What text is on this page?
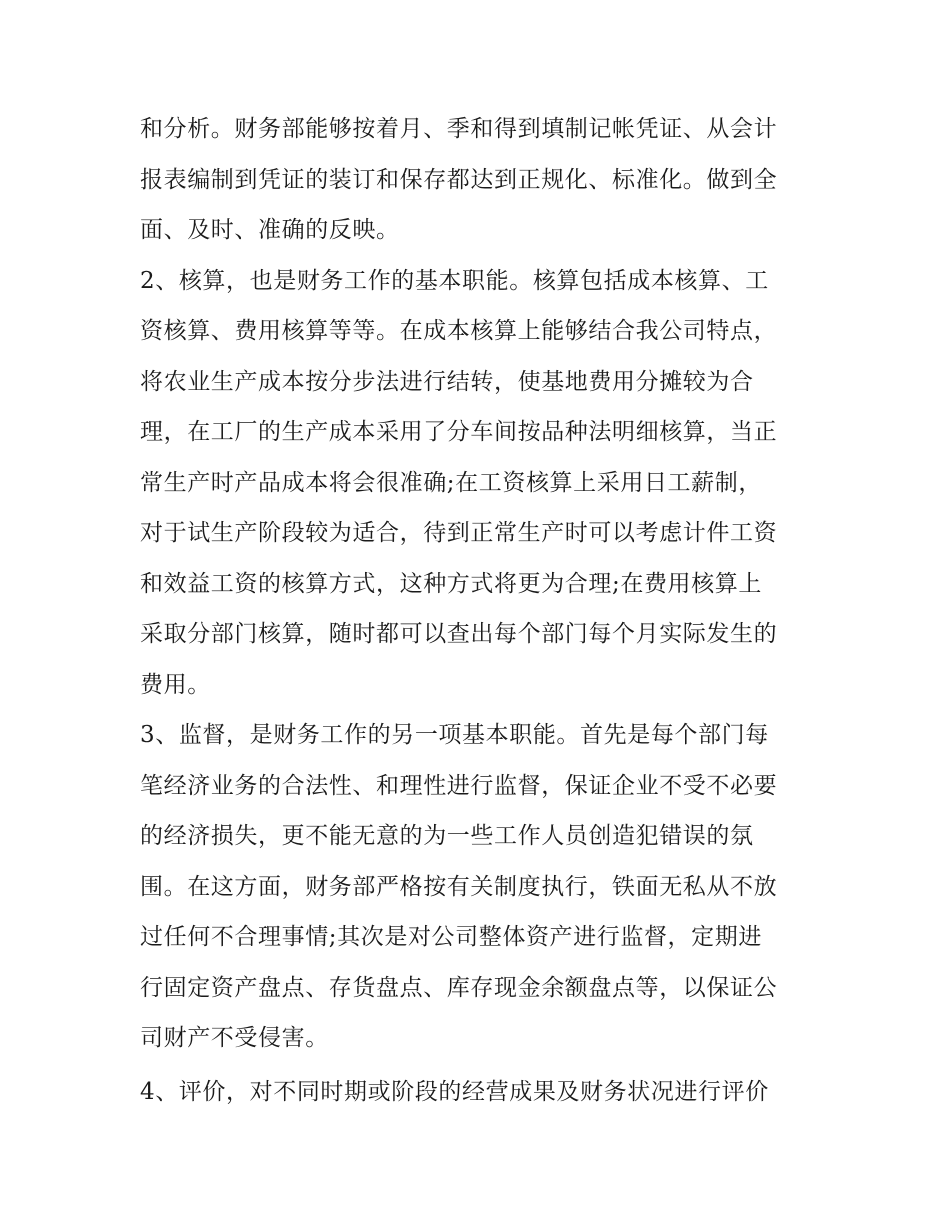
和分析。财务部能够按着月、季和得到填制记帐凭证、从会计
报表编制到凭证的装订和保存都达到正规化、标准化。做到全
面、及时、准确的反映。
2、核算，也是财务工作的基本职能。核算包括成本核算、工
资核算、费用核算等等。在成本核算上能够结合我公司特点，
将农业生产成本按分步法进行结转，使基地费用分摊较为合
理，在工厂的生产成本采用了分车间按品种法明细核算，当正
常生产时产品成本将会很准确;在工资核算上采用日工薪制，
对于试生产阶段较为适合，待到正常生产时可以考虑计件工资
和效益工资的核算方式，这种方式将更为合理;在费用核算上
采取分部门核算，随时都可以查出每个部门每个月实际发生的
费用。
3、监督，是财务工作的另一项基本职能。首先是每个部门每
笔经济业务的合法性、和理性进行监督，保证企业不受不必要
的经济损失，更不能无意的为一些工作人员创造犯错误的氛
围。在这方面，财务部严格按有关制度执行，铁面无私从不放
过任何不合理事情;其次是对公司整体资产进行监督，定期进
行固定资产盘点、存货盘点、库存现金余额盘点等，以保证公
司财产不受侵害。
4、评价，对不同时期或阶段的经营成果及财务状况进行评价
